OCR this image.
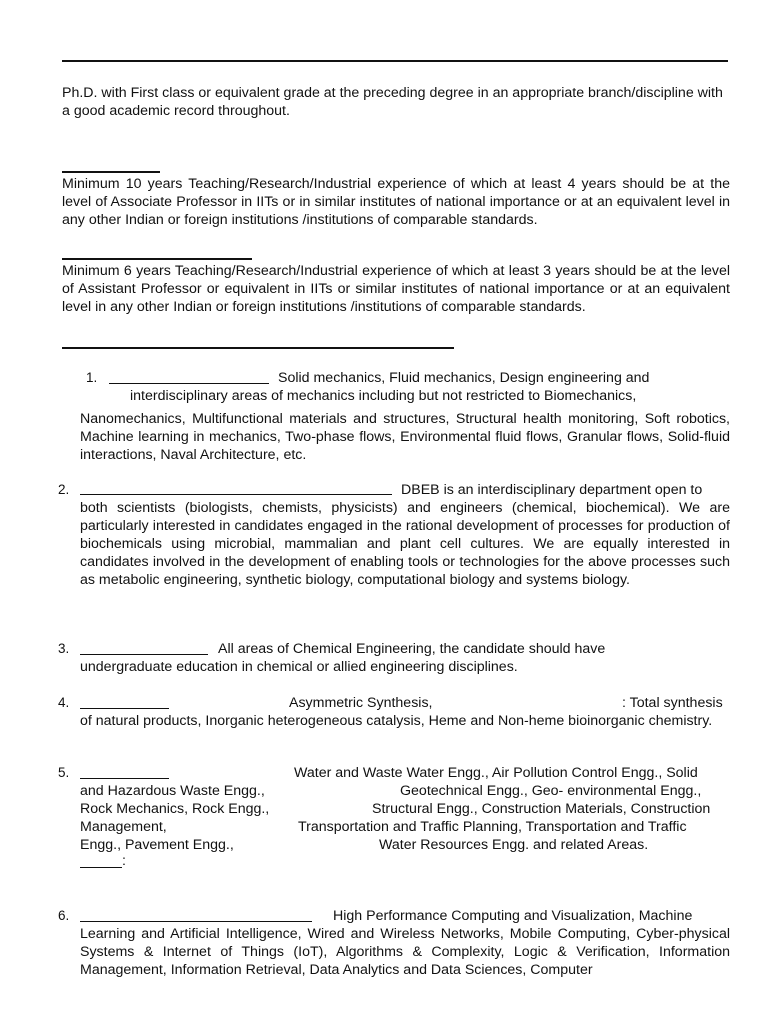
Ph.D. with First class or equivalent grade at the preceding degree in an appropriate branch/discipline with a good academic record throughout.

Minimum 10 years Teaching/Research/Industrial experience of which at least 4 years should be at the level of Associate Professor in IITs or in similar institutes of national importance or at an equivalent level in any other Indian or foreign institutions /institutions of comparable standards.

Minimum 6 years Teaching/Research/Industrial experience of which at least 3 years should be at the level of Assistant Professor or equivalent in IITs or similar institutes of national importance or at an equivalent level in any other Indian or foreign institutions /institutions of comparable standards.

1.	Solid mechanics, Fluid mechanics, Design engineering and
interdisciplinary areas of mechanics including but not restricted to Biomechanics,

Nanomechanics, Multifunctional materials and structures, Structural health monitoring, Soft robotics, Machine learning in mechanics, Two-phase flows, Environmental fluid flows, Granular flows, Solid-fluid interactions, Naval Architecture, etc.

2.	DBEB is an interdisciplinary department open to

both scientists (biologists, chemists, physicists) and engineers (chemical, biochemical). We are particularly interested in candidates engaged in the rational development of processes for production of biochemicals using microbial, mammalian and plant cell cultures. We are equally interested in candidates involved in the development of enabling tools or technologies for the above processes such as metabolic engineering, synthetic biology, computational biology and systems biology.

3.	All areas of Chemical Engineering, the candidate should have

undergraduate education in chemical or allied engineering disciplines.

4.	Asymmetric Synthesis,	: Total synthesis

of natural products, Inorganic heterogeneous catalysis, Heme and Non-heme bioinorganic chemistry.

5.	Water and Waste Water Engg., Air Pollution Control Engg., Solid
and Hazardous Waste Engg.,	Geotechnical Engg., Geo- environmental Engg.,
Rock Mechanics, Rock Engg.,	Structural Engg., Construction Materials, Construction
Management,	Transportation and Traffic Planning, Transportation and Traffic
Engg., Pavement Engg.,	Water Resources Engg. and related Areas.
:
6.	High Performance Computing and Visualization, Machine

Learning and Artificial Intelligence, Wired and Wireless Networks, Mobile Computing, Cyber-physical Systems & Internet of Things (IoT), Algorithms & Complexity, Logic & Verification, Information Management, Information Retrieval, Data Analytics and Data Sciences, Computer
